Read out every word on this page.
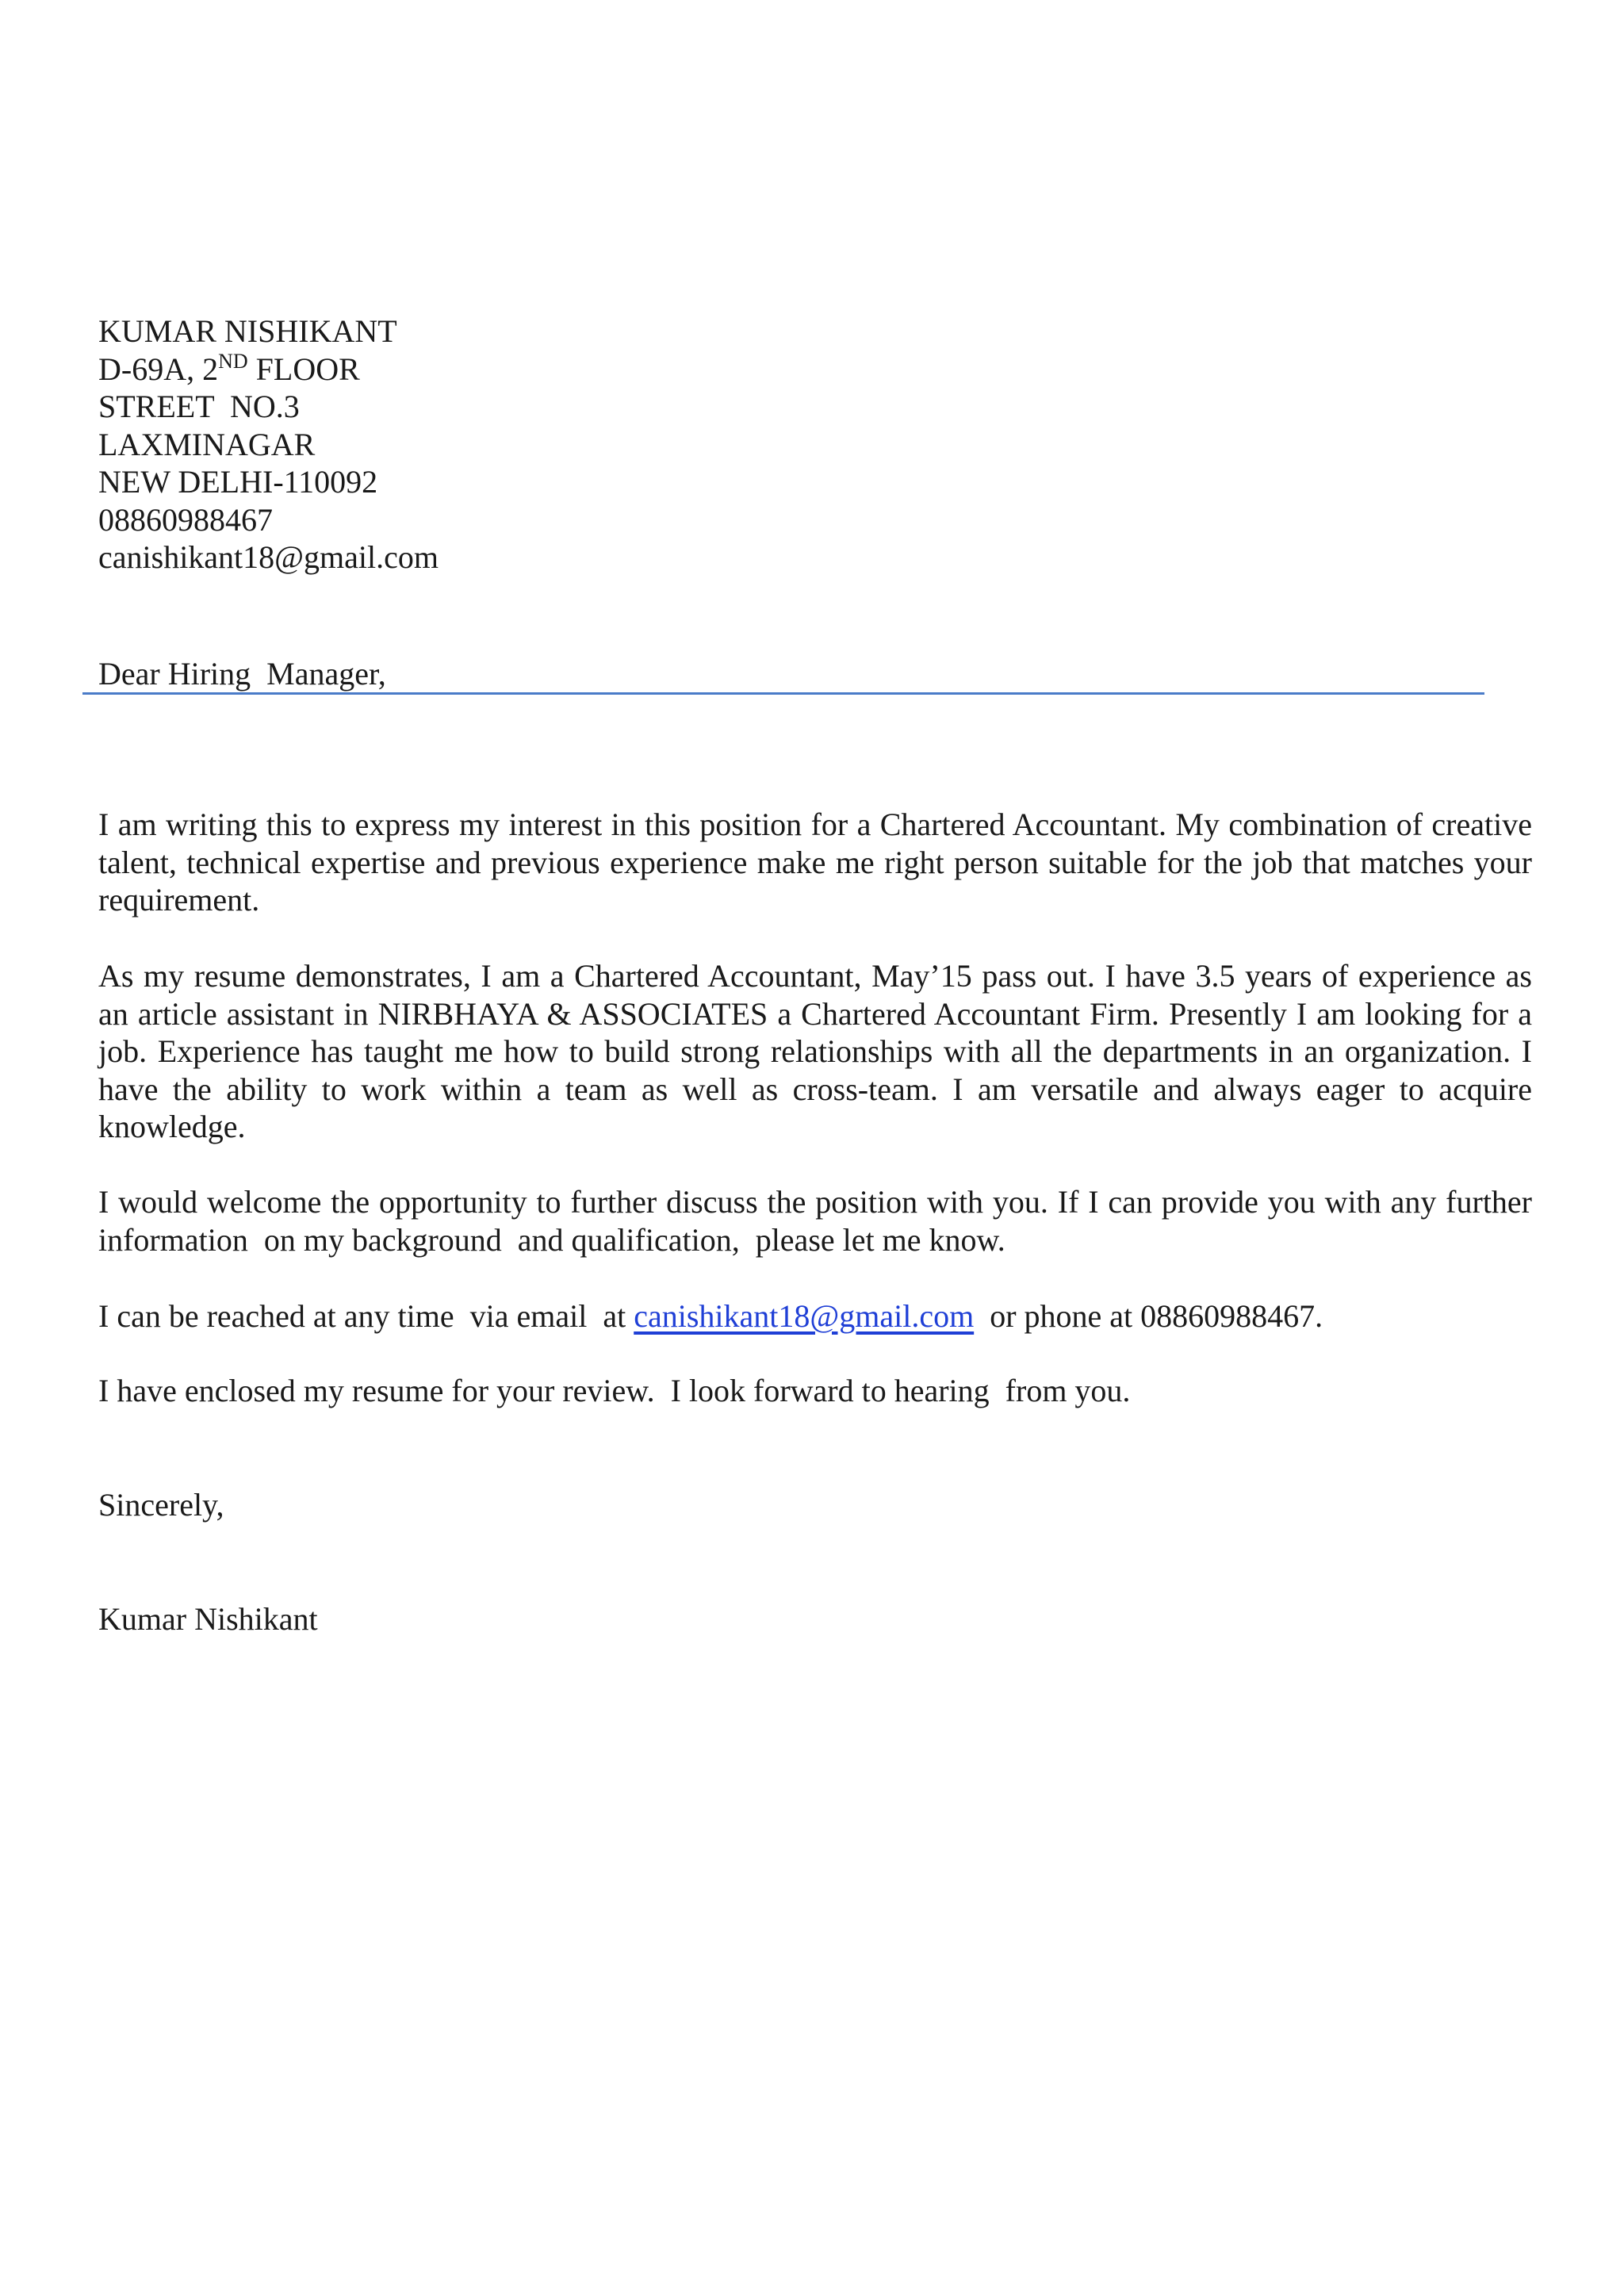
KUMAR NISHIKANT
D-69A, 2ND FLOOR
STREET  NO.3
LAXMINAGAR
NEW DELHI-110092
08860988467
canishikant18@gmail.com
Dear Hiring  Manager,
I am writing this to express my interest in this position for a Chartered Accountant. My combination of creative talent, technical expertise and previous experience make me right person suitable for the job that matches your requirement.
As my resume demonstrates, I am a Chartered Accountant, May’15 pass out. I have 3.5 years of experience as an article assistant in NIRBHAYA & ASSOCIATES a Chartered Accountant Firm. Presently I am looking for a job. Experience has taught me how to build strong relationships with all the departments in an organization. I have the ability to work within a team as well as cross-team. I am versatile and always eager to acquire knowledge.
I would welcome the opportunity to further discuss the position with you. If I can provide you with any further  information  on my background  and qualification,  please let me know.
I can be reached at any time  via email  at canishikant18@gmail.com  or phone at 08860988467.
I have enclosed my resume for your review.  I look forward to hearing  from you.
Sincerely,
Kumar Nishikant
